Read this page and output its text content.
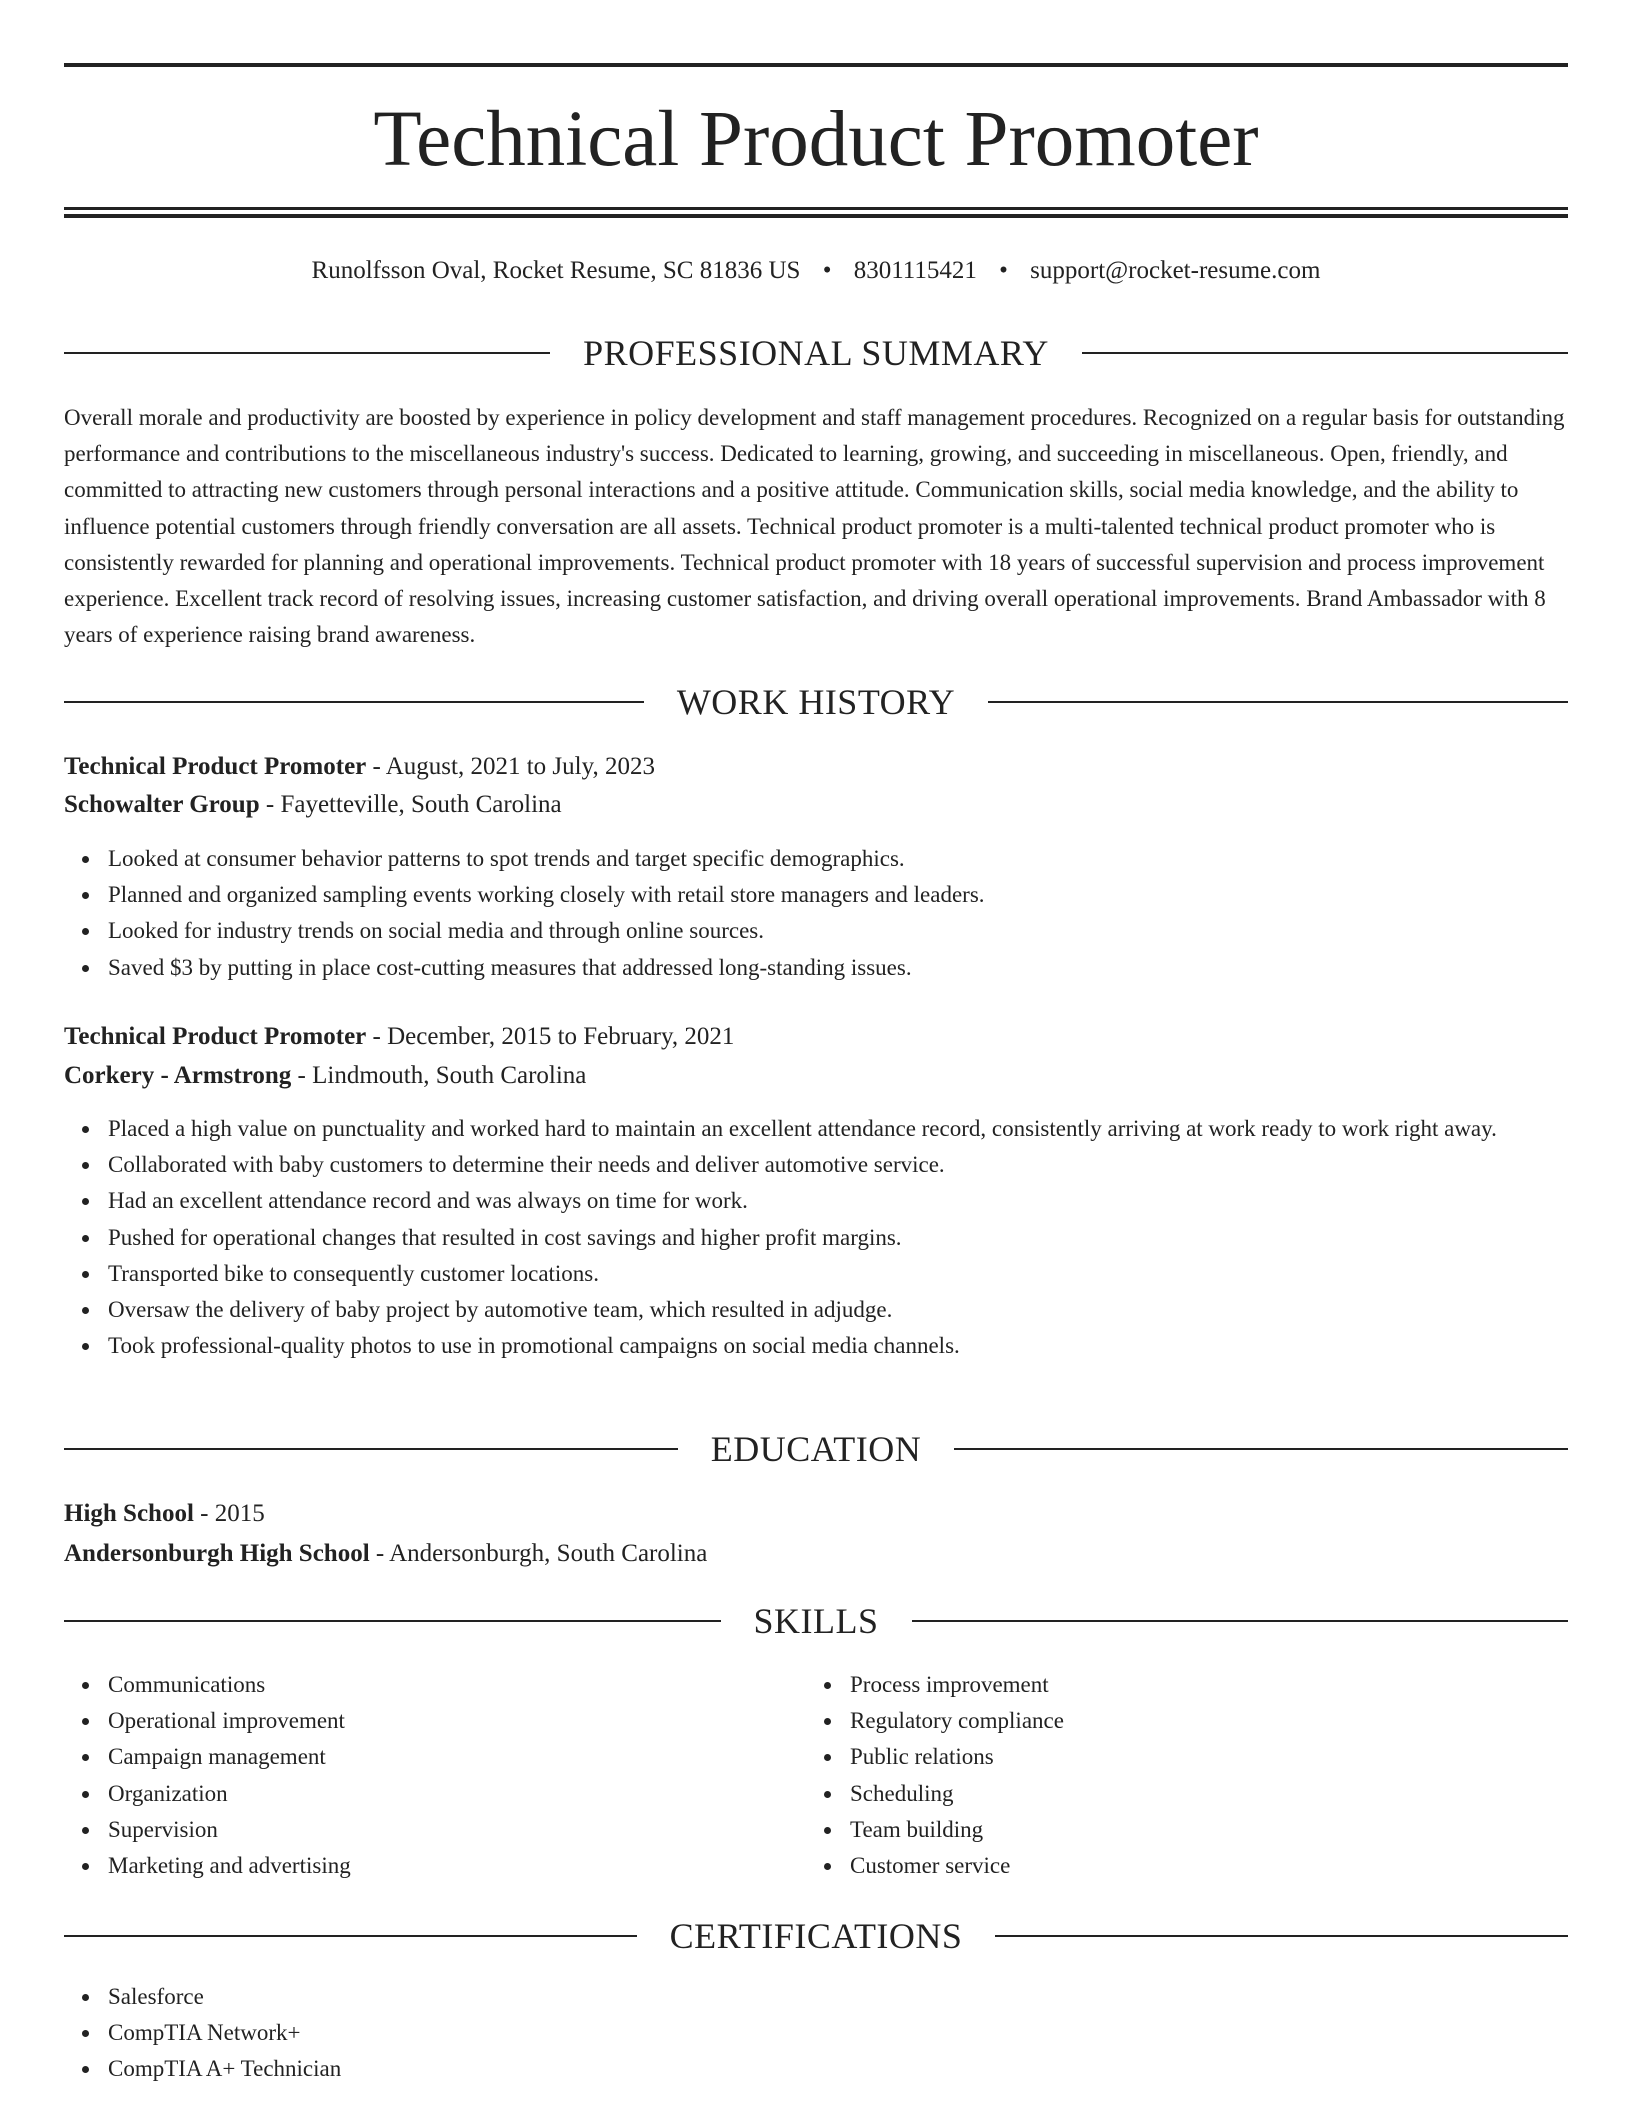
Technical Product Promoter
Runolfsson Oval, Rocket Resume, SC 81836 US • 8301115421 • support@rocket-resume.com
PROFESSIONAL SUMMARY

Overall morale and productivity are boosted by experience in policy development and staff management procedures. Recognized on a regular basis for outstanding performance and contributions to the miscellaneous industry's success. Dedicated to learning, growing, and succeeding in miscellaneous. Open, friendly, and committed to attracting new customers through personal interactions and a positive attitude. Communication skills, social media knowledge, and the ability to influence potential customers through friendly conversation are all assets. Technical product promoter is a multi-talented technical product promoter who is consistently rewarded for planning and operational improvements. Technical product promoter with 18 years of successful supervision and process improvement experience. Excellent track record of resolving issues, increasing customer satisfaction, and driving overall operational improvements. Brand Ambassador with 8 years of experience raising brand awareness.

WORK HISTORY
Technical Product Promoter - August, 2021 to July, 2023
Schowalter Group - Fayetteville, South Carolina
Looked at consumer behavior patterns to spot trends and target specific demographics.
Planned and organized sampling events working closely with retail store managers and leaders.
Looked for industry trends on social media and through online sources.
Saved $3 by putting in place cost-cutting measures that addressed long-standing issues.
Technical Product Promoter - December, 2015 to February, 2021
Corkery - Armstrong - Lindmouth, South Carolina
Placed a high value on punctuality and worked hard to maintain an excellent attendance record, consistently arriving at work ready to work right away.
Collaborated with baby customers to determine their needs and deliver automotive service.
Had an excellent attendance record and was always on time for work.
Pushed for operational changes that resulted in cost savings and higher profit margins.
Transported bike to consequently customer locations.
Oversaw the delivery of baby project by automotive team, which resulted in adjudge.
Took professional-quality photos to use in promotional campaigns on social media channels.
EDUCATION
High School - 2015
Andersonburgh High School - Andersonburgh, South Carolina
SKILLS
Communications
Operational improvement
Campaign management
Organization
Supervision
Marketing and advertising
Process improvement
Regulatory compliance
Public relations
Scheduling
Team building
Customer service
CERTIFICATIONS
Salesforce
CompTIA Network+
CompTIA A+ Technician
